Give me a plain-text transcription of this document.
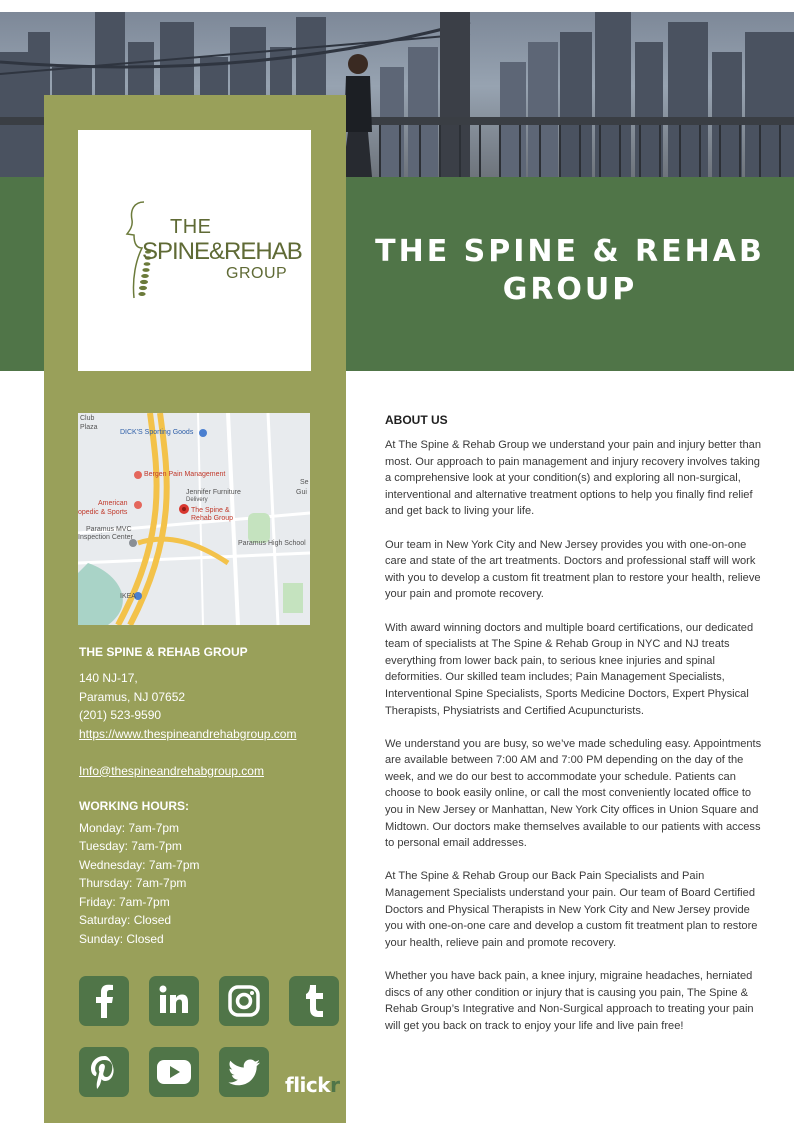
THE
SPINE&REHAB
GROUP
THE SPINE & REHAB GROUP
Club
Plaza
DICK'S Sporting Goods
Bergen Pain Management
Jennifer Furniture
Delivery
American
opedic & Sports	The Spine &
Rehab Group
Paramus MVC
Inspection Center
Paramus High School
IKEA
Gui
Se
THE SPINE & REHAB GROUP
140 NJ-17,
Paramus, NJ 07652
(201) 523-9590
https://www.thespineandrehabgroup.com
Info@thespineandrehabgroup.com
WORKING HOURS:
Monday: 7am-7pm
Tuesday: 7am-7pm
Wednesday: 7am-7pm
Thursday: 7am-7pm
Friday: 7am-7pm
Saturday: Closed
Sunday: Closed
flickr
ABOUT US

At The Spine & Rehab Group we understand your pain and injury better than most. Our approach to pain management and injury recovery involves taking a comprehensive look at your condition(s) and exploring all non-surgical, interventional and alternative treatment options to help you finally find relief and get back to living your life.

Our team in New York City and New Jersey provides you with one-on-one care and state of the art treatments. Doctors and professional staff will work with you to develop a custom fit treatment plan to restore your health, relieve your pain and promote recovery.

With award winning doctors and multiple board certifications, our dedicated team of specialists at The Spine & Rehab Group in NYC and NJ treats everything from lower back pain, to serious knee injuries and spinal deformities. Our skilled team includes; Pain Management Specialists, Interventional Spine Specialists, Sports Medicine Doctors, Expert Physical Therapists, Physiatrists and Certified Acupuncturists.

We understand you are busy, so we’ve made scheduling easy. Appointments are available between 7:00 AM and 7:00 PM depending on the day of the week, and we do our best to accommodate your schedule. Patients can choose to book easily online, or call the most conveniently located office to you in New Jersey or Manhattan, New York City offices in Union Square and Midtown. Our doctors make themselves available to our patients with access to personal email addresses.

At The Spine & Rehab Group our Back Pain Specialists and Pain Management Specialists understand your pain. Our team of Board Certified Doctors and Physical Therapists in New York City and New Jersey provide you with one-on-one care and develop a custom fit treatment plan to restore your health, relieve pain and promote recovery.

Whether you have back pain, a knee injury, migraine headaches, herniated discs of any other condition or injury that is causing you pain, The Spine & Rehab Group’s Integrative and Non-Surgical approach to treating your pain will get you back on track to enjoy your life and live pain free!
